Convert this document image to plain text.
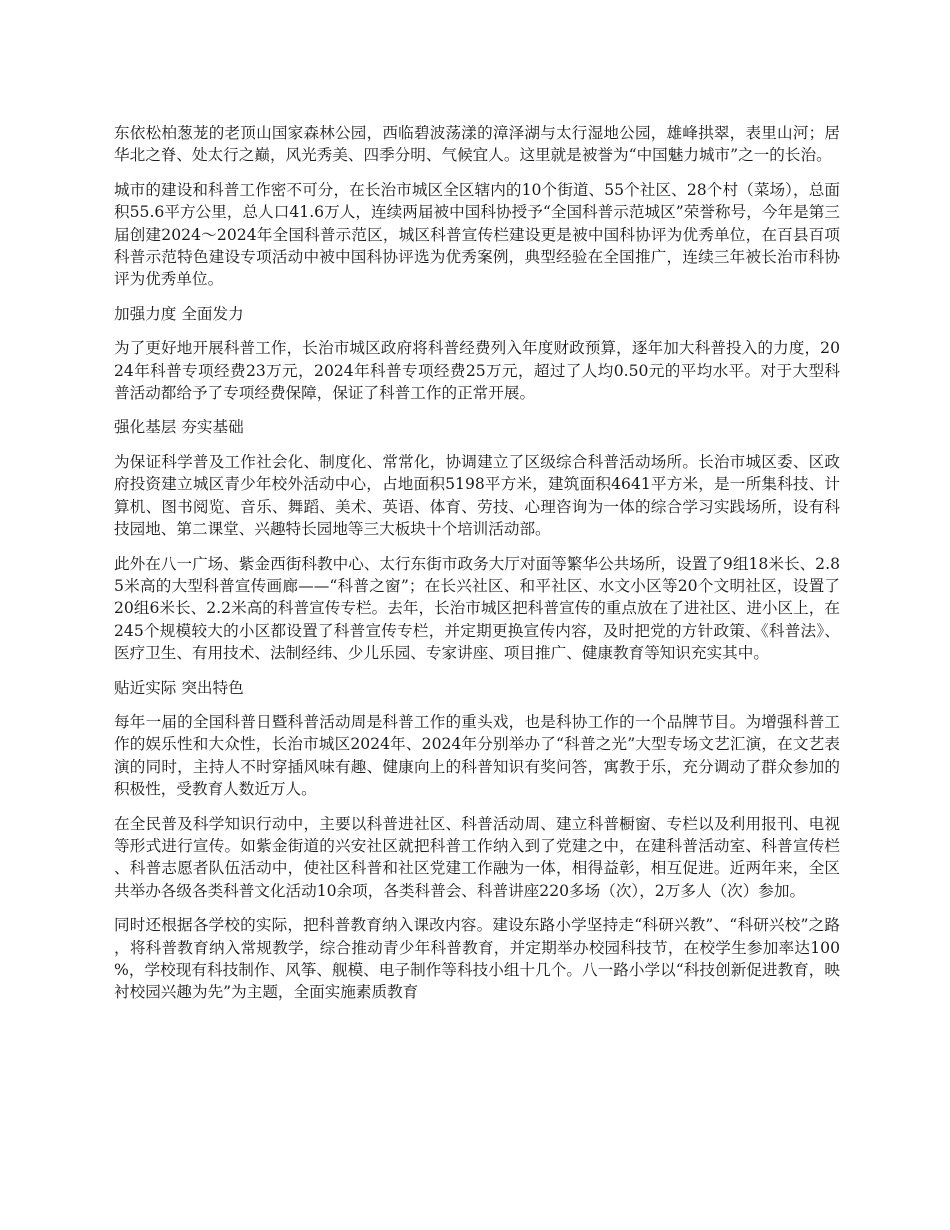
东依松柏葱茏的老顶山国家森林公园，西临碧波荡漾的漳泽湖与太行湿地公园，雄峰拱翠，表里山河；居华北之脊、处太行之巅，风光秀美、四季分明、气候宜人。这里就是被誉为“中国魅力城市”之一的长治。

城市的建设和科普工作密不可分，在长治市城区全区辖内的10个街道、55个社区、28个村（菜场），总面积55.6平方公里，总人口41.6万人，连续两届被中国科协授予“全国科普示范城区”荣誉称号，今年是第三届创建2024～2024年全国科普示范区，城区科普宣传栏建设更是被中国科协评为优秀单位，在百县百项科普示范特色建设专项活动中被中国科协评选为优秀案例，典型经验在全国推广，连续三年被长治市科协评为优秀单位。

加强力度 全面发力

为了更好地开展科普工作，长治市城区政府将科普经费列入年度财政预算，逐年加大科普投入的力度，2024年科普专项经费23万元，2024年科普专项经费25万元，超过了人均0.50元的平均水平。对于大型科普活动都给予了专项经费保障，保证了科普工作的正常开展。

强化基层 夯实基础

为保证科学普及工作社会化、制度化、常常化，协调建立了区级综合科普活动场所。长治市城区委、区政府投资建立城区青少年校外活动中心，占地面积5198平方米，建筑面积4641平方米，是一所集科技、计算机、图书阅览、音乐、舞蹈、美术、英语、体育、劳技、心理咨询为一体的综合学习实践场所，设有科技园地、第二课堂、兴趣特长园地等三大板块十个培训活动部。

此外在八一广场、紫金西街科教中心、太行东街市政务大厅对面等繁华公共场所，设置了9组18米长、2.85米高的大型科普宣传画廊——“科普之窗”；在长兴社区、和平社区、水文小区等20个文明社区，设置了20组6米长、2.2米高的科普宣传专栏。去年，长治市城区把科普宣传的重点放在了进社区、进小区上，在245个规模较大的小区都设置了科普宣传专栏，并定期更换宣传内容，及时把党的方针政策、《科普法》、医疗卫生、有用技术、法制经纬、少儿乐园、专家讲座、项目推广、健康教育等知识充实其中。

贴近实际 突出特色

每年一届的全国科普日暨科普活动周是科普工作的重头戏，也是科协工作的一个品牌节目。为增强科普工作的娱乐性和大众性，长治市城区2024年、2024年分别举办了“科普之光”大型专场文艺汇演，在文艺表演的同时，主持人不时穿插风味有趣、健康向上的科普知识有奖问答，寓教于乐，充分调动了群众参加的积极性，受教育人数近万人。

在全民普及科学知识行动中，主要以科普进社区、科普活动周、建立科普橱窗、专栏以及利用报刊、电视等形式进行宣传。如紫金街道的兴安社区就把科普工作纳入到了党建之中，在建科普活动室、科普宣传栏、科普志愿者队伍活动中，使社区科普和社区党建工作融为一体，相得益彰，相互促进。近两年来，全区共举办各级各类科普文化活动10余项，各类科普会、科普讲座220多场（次），2万多人（次）参加。

同时还根据各学校的实际，把科普教育纳入课改内容。建设东路小学坚持走“科研兴教”、“科研兴校”之路，将科普教育纳入常规教学，综合推动青少年科普教育，并定期举办校园科技节，在校学生参加率达100%，学校现有科技制作、风筝、舰模、电子制作等科技小组十几个。八一路小学以“科技创新促进教育，映衬校园兴趣为先”为主题，全面实施素质教育
